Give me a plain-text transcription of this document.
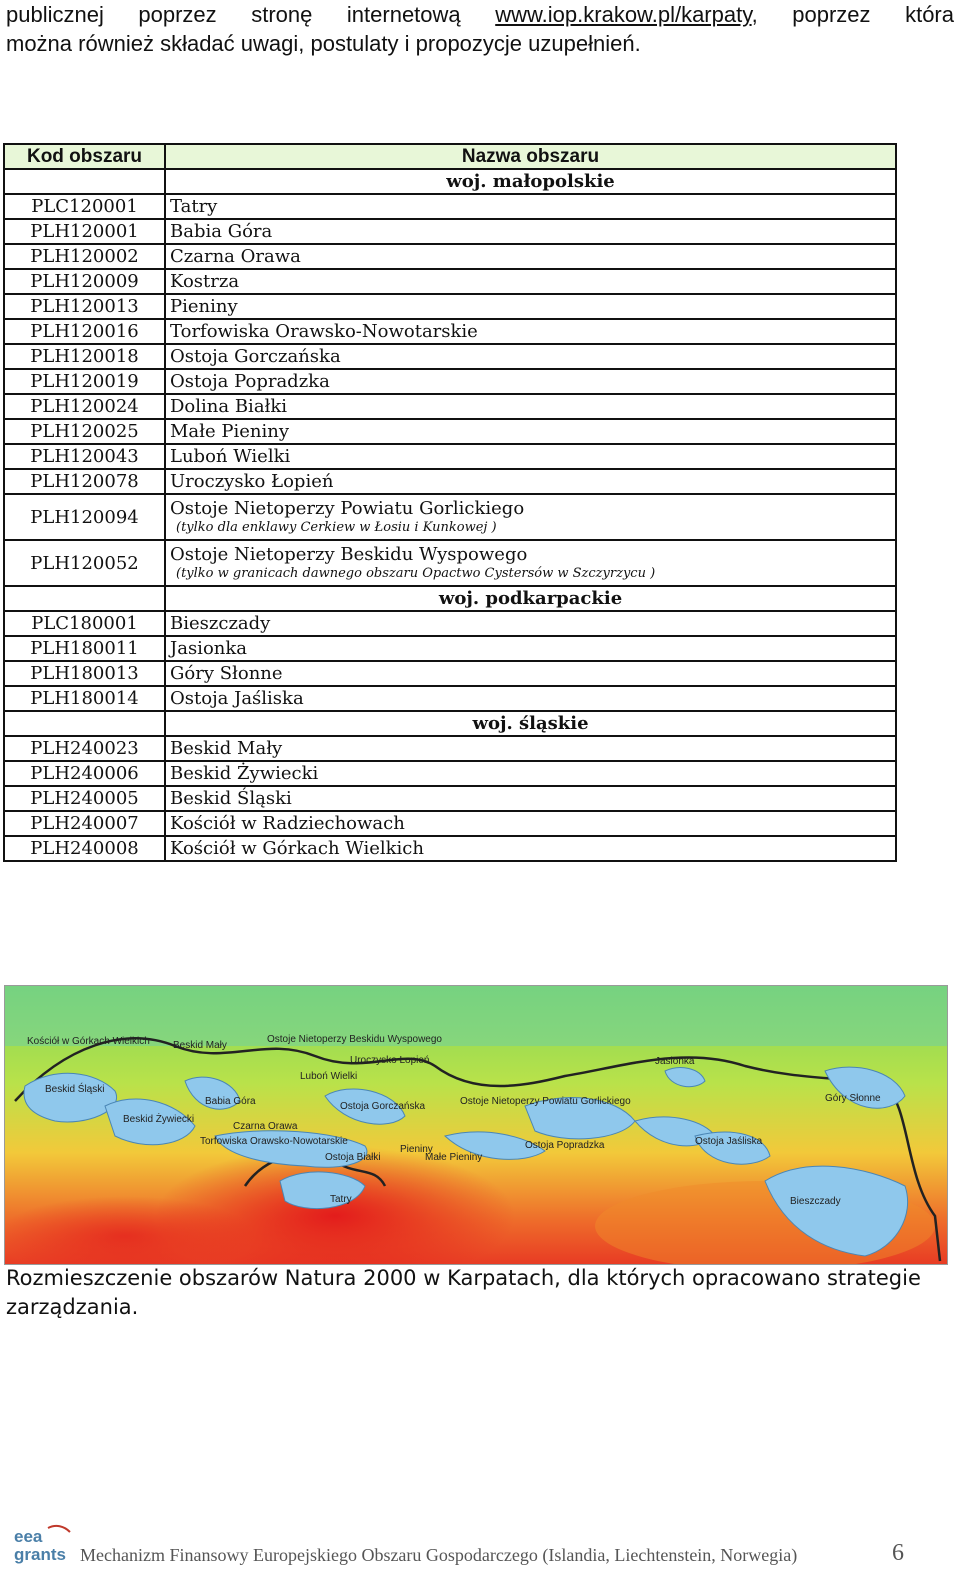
publicznej poprzez stronę internetową www.iop.krakow.pl/karpaty, poprzez która
można również składać uwagi, postulaty i propozycje uzupełnień.
Kod obszaru	Nazwa obszaru
	woj. małopolskie
PLC120001	Tatry

PLH120001	Babia Góra

PLH120002	Czarna Orawa

PLH120009	Kostrza

PLH120013	Pieniny

PLH120016	Torfowiska Orawsko-Nowotarskie

PLH120018	Ostoja Gorczańska

PLH120019	Ostoja Popradzka

PLH120024	Dolina Białki

PLH120025	Małe Pieniny

PLH120043	Luboń Wielki

PLH120078	Uroczysko Łopień

PLH120094	Ostoje Nietoperzy Powiatu Gorlickiego
(tylko dla enklawy Cerkiew w Łosiu i Kunkowej )

PLH120052	Ostoje Nietoperzy Beskidu Wyspowego
(tylko w granicach dawnego obszaru Opactwo Cystersów w Szczyrzycu )

	woj. podkarpackie
PLC180001	Bieszczady

PLH180011	Jasionka

PLH180013	Góry Słonne

PLH180014	Ostoja Jaśliska

	woj. śląskie
PLH240023	Beskid Mały

PLH240006	Beskid Żywiecki

PLH240005	Beskid Śląski

PLH240007	Kościół w Radziechowach

PLH240008	Kościół w Górkach Wielkich
Kościół w Górkach Wielkich Beskid Mały
Ostoje Nietoperzy Beskidu Wyspowego
Uroczysko Łopień
Luboń Wielki
Beskid Śląski
Babia Góra	Ostoja Gorczańska
Beskid Żywiecki
Czarna Orawa
Torfowiska Orawsko-Nowotarskie
Ostoja Białki
Pieniny
Małe Pieniny
Ostoja Popradzka
Ostoje Nietoperzy Powiatu Gorlickiego
Jasionka
Góry Słonne
Ostoja Jaśliska
Tatry	Bieszczady
Rozmieszczenie obszarów Natura 2000 w Karpatach, dla których opracowano strategie zarządzania.
eea
grants Mechanizm Finansowy Europejskiego Obszaru Gospodarczego (Islandia, Liechtenstein, Norwegia)	6
